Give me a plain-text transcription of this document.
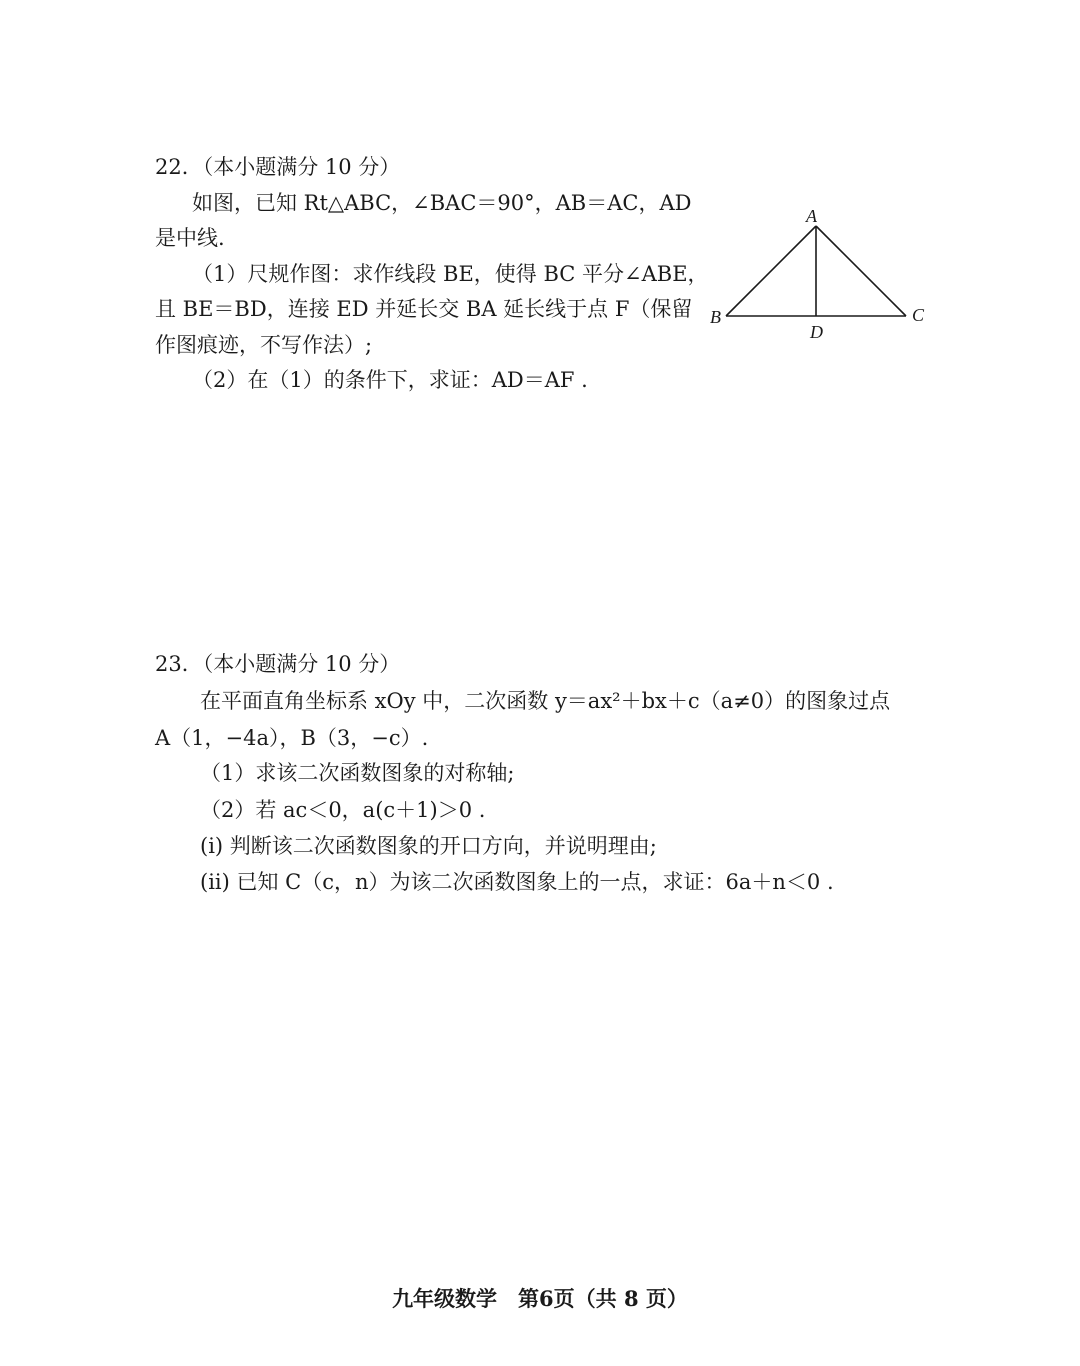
22．（本小题满分 10 分）
如图，已知 Rt△ABC，∠BAC＝90°，AB＝AC，AD
是中线.
（1）尺规作图：求作线段 BE，使得 BC 平分∠ABE，
且 BE＝BD，连接 ED 并延长交 BA 延长线于点 F（保留
作图痕迹，不写作法）;
（2）在（1）的条件下，求证：AD＝AF .
A
B	C
D
23．（本小题满分 10 分）
在平面直角坐标系 xOy 中，二次函数 y＝ax²＋bx＋c（a≠0）的图象过点
A（1，−4a），B（3，−c）.
（1）求该二次函数图象的对称轴;
（2）若 ac＜0，a(c＋1)＞0 .
(i) 判断该二次函数图象的开口方向，并说明理由;
(ii) 已知 C（c，n）为该二次函数图象上的一点，求证：6a＋n＜0 .
九年级数学　第6页（共 8 页）
